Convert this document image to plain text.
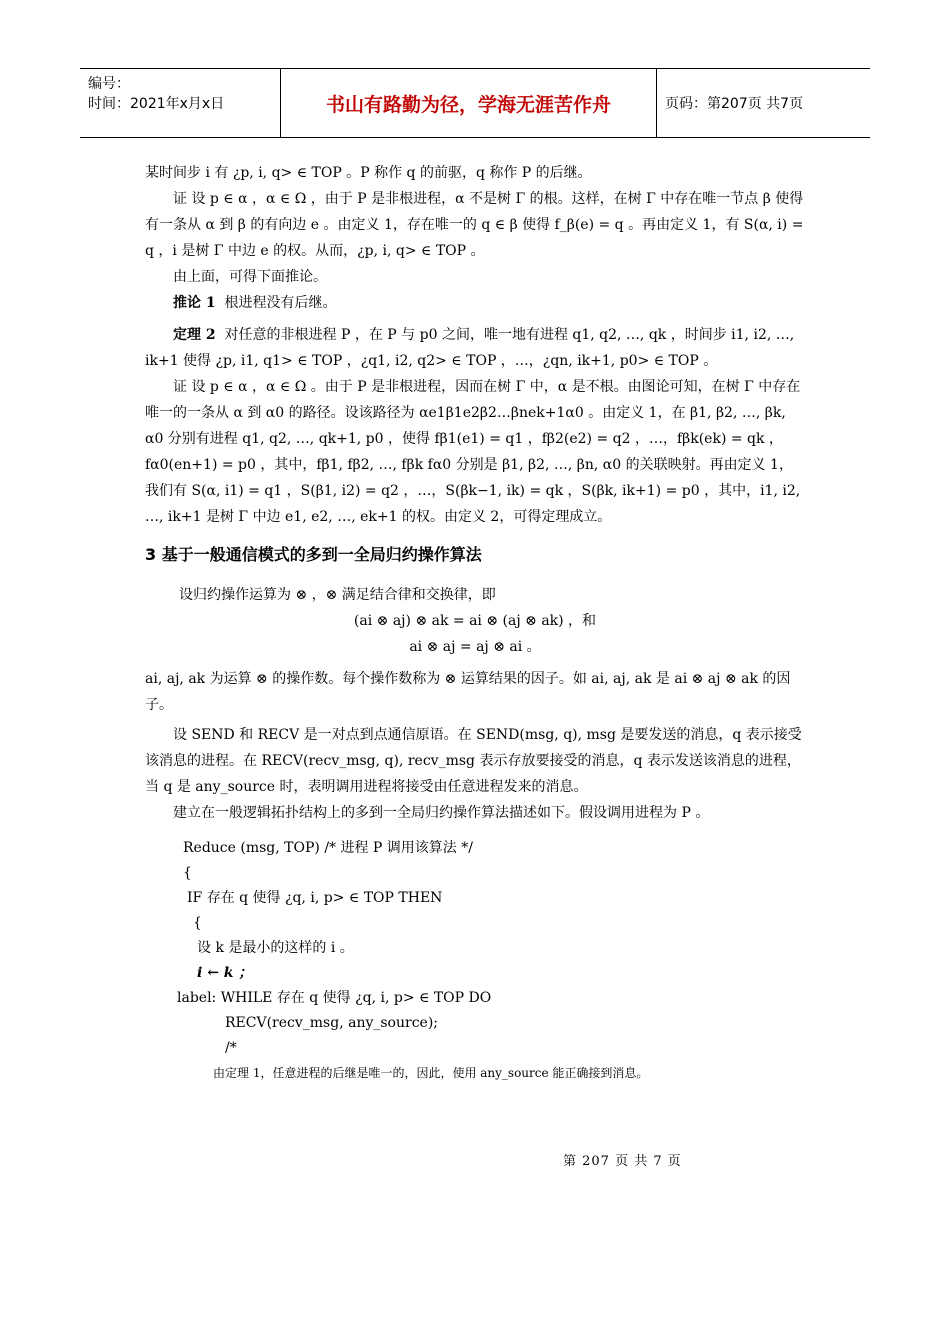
编号：
时间：2021年x月x日	书山有路勤为径，学海无涯苦作舟	页码：第207页 共7页

某时间步 i 有 ¿p, i, q> ∈ TOP 。P 称作 q 的前驱，q 称作 P 的后继。

证 设 p ∈ α ，α ∈ Ω ，由于 P 是非根进程，α 不是树 Γ 的根。这样，在树 Γ 中存在唯一节点 β 使得有一条从 α 到 β 的有向边 e 。由定义 1，存在唯一的 q ∈ β 使得 f_β(e) = q 。再由定义 1，有 S(α, i) = q ，i 是树 Γ 中边 e 的权。从而，¿p, i, q> ∈ TOP 。

由上面，可得下面推论。

推论 1 根进程没有后继。

定理 2 对任意的非根进程 P ，在 P 与 p0 之间，唯一地有进程 q1, q2, …, qk ，时间步 i1, i2, …, ik+1 使得 ¿p, i1, q1> ∈ TOP ，¿q1, i2, q2> ∈ TOP ，…，¿qn, ik+1, p0> ∈ TOP 。

证 设 p ∈ α ，α ∈ Ω 。由于 P 是非根进程，因而在树 Γ 中，α 是不根。由图论可知，在树 Γ 中存在唯一的一条从 α 到 α0 的路径。设该路径为 αe1β1e2β2…βnek+1α0 。由定义 1，在 β1, β2, …, βk, α0 分别有进程 q1, q2, …, qk+1, p0 ，使得 fβ1(e1) = q1 ，fβ2(e2) = q2 ，…，fβk(ek) = qk ，fα0(en+1) = p0 ，其中，fβ1, fβ2, …, fβk fα0 分别是 β1, β2, …, βn, α0 的关联映射。再由定义 1，我们有 S(α, i1) = q1 ，S(β1, i2) = q2 ，…，S(βk−1, ik) = qk ，S(βk, ik+1) = p0 ，其中，i1, i2, …, ik+1 是树 Γ 中边 e1, e2, …, ek+1 的权。由定义 2，可得定理成立。

3 基于一般通信模式的多到一全局归约操作算法

设归约操作运算为 ⊗ ，⊗ 满足结合律和交换律，即

(ai ⊗ aj) ⊗ ak = ai ⊗ (aj ⊗ ak) ，和

ai ⊗ aj = aj ⊗ ai 。

ai, aj, ak 为运算 ⊗ 的操作数。每个操作数称为 ⊗ 运算结果的因子。如 ai, aj, ak 是 ai ⊗ aj ⊗ ak 的因子。

设 SEND 和 RECV 是一对点到点通信原语。在 SEND(msg, q), msg 是要发送的消息，q 表示接受该消息的进程。在 RECV(recv_msg, q), recv_msg 表示存放要接受的消息，q 表示发送该消息的进程，当 q 是 any_source 时，表明调用进程将接受由任意进程发来的消息。

建立在一般逻辑拓扑结构上的多到一全局归约操作算法描述如下。假设调用进程为 P 。

Reduce (msg, TOP) /* 进程 P 调用该算法 */
{
IF 存在 q 使得 ¿q, i, p> ∈ TOP THEN
{
设 k 是最小的这样的 i 。
i ← k ；
label: WHILE 存在 q 使得 ¿q, i, p> ∈ TOP DO
RECV(recv_msg, any_source);
/*
由定理 1，任意进程的后继是唯一的，因此，使用 any_source 能正确接到消息。
第 207 页 共 7 页
